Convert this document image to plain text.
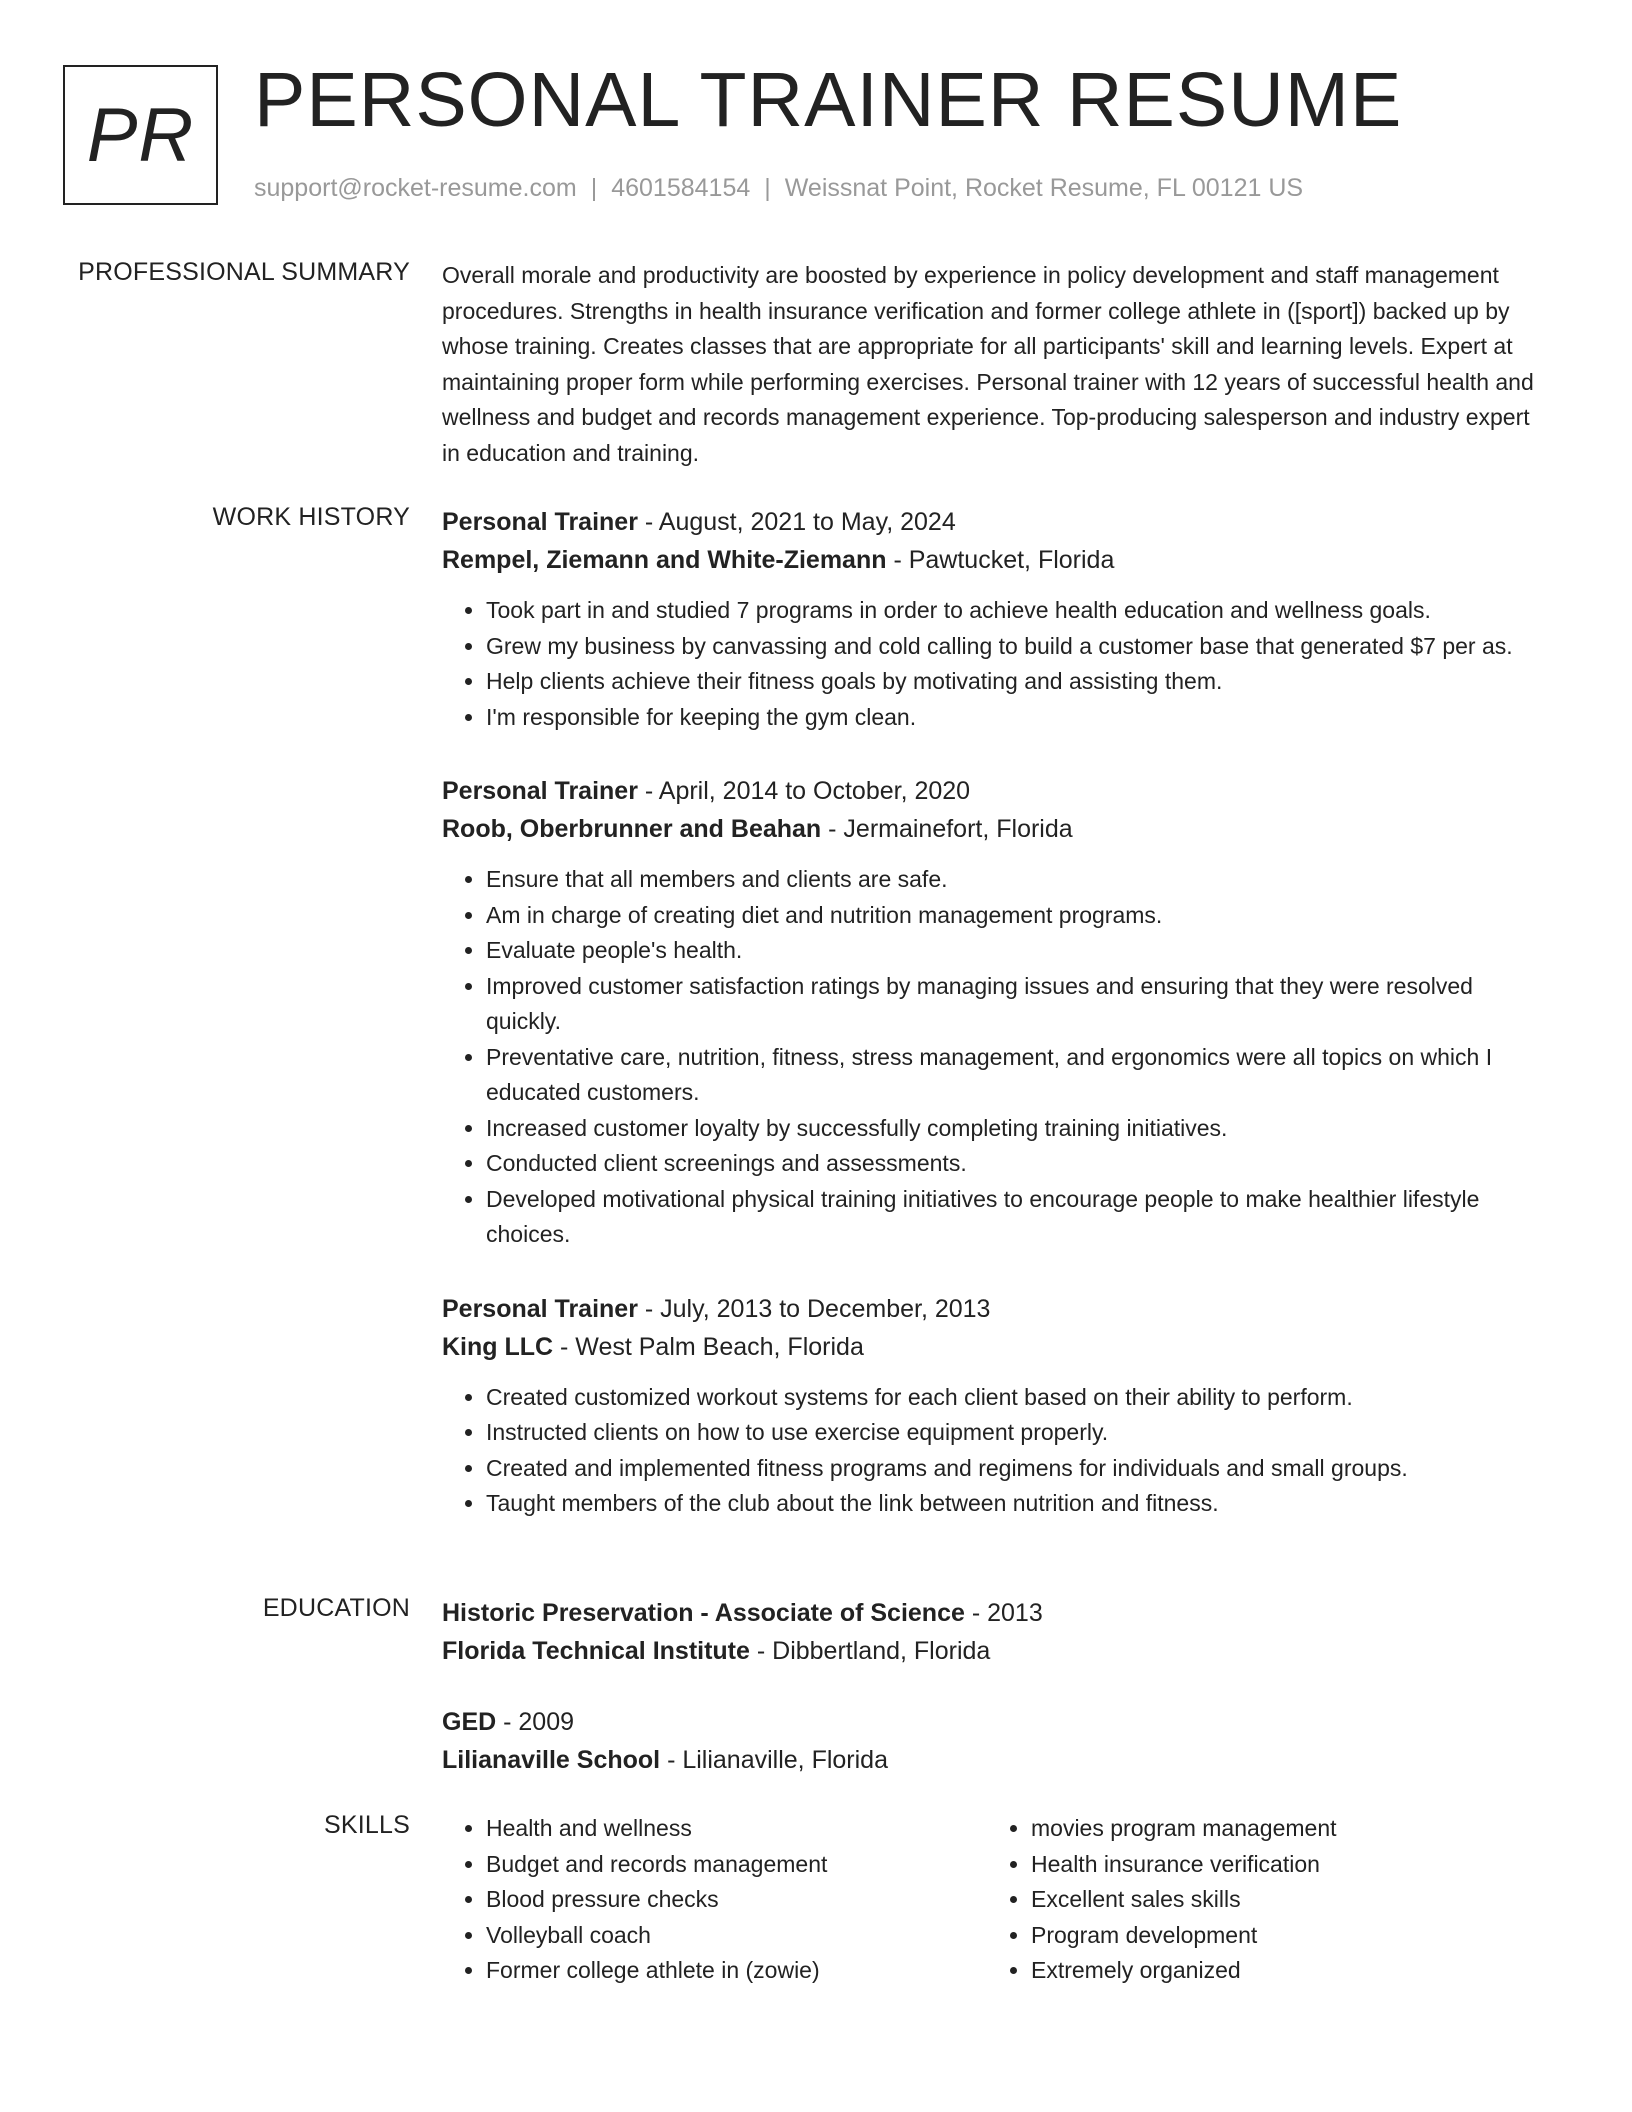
PR PERSONAL TRAINER RESUME
support@rocket-resume.com | 4601584154 | Weissnat Point, Rocket Resume, FL 00121 US
PROFESSIONAL SUMMARY Overall morale and productivity are boosted by experience in policy development and staff management procedures. Strengths in health insurance verification and former college athlete in ([sport]) backed up by whose training. Creates classes that are appropriate for all participants' skill and learning levels. Expert at maintaining proper form while performing exercises. Personal trainer with 12 years of successful health and wellness and budget and records management experience. Top-producing salesperson and industry expert in education and training.

WORK HISTORY Personal Trainer - August, 2021 to May, 2024
Rempel, Ziemann and White-Ziemann - Pawtucket, Florida
• Took part in and studied 7 programs in order to achieve health education and wellness goals.
• Grew my business by canvassing and cold calling to build a customer base that generated $7 per as.
• Help clients achieve their fitness goals by motivating and assisting them.
• I'm responsible for keeping the gym clean.
Personal Trainer - April, 2014 to October, 2020
Roob, Oberbrunner and Beahan - Jermainefort, Florida
• Ensure that all members and clients are safe.
• Am in charge of creating diet and nutrition management programs.
• Evaluate people's health.
• Improved customer satisfaction ratings by managing issues and ensuring that they were resolved quickly.
• Preventative care, nutrition, fitness, stress management, and ergonomics were all topics on which I educated customers.
• Increased customer loyalty by successfully completing training initiatives.
• Conducted client screenings and assessments.
• Developed motivational physical training initiatives to encourage people to make healthier lifestyle choices.
Personal Trainer - July, 2013 to December, 2013
King LLC - West Palm Beach, Florida
• Created customized workout systems for each client based on their ability to perform.
• Instructed clients on how to use exercise equipment properly.
• Created and implemented fitness programs and regimens for individuals and small groups.
• Taught members of the club about the link between nutrition and fitness.
EDUCATION Historic Preservation - Associate of Science - 2013
Florida Technical Institute - Dibbertland, Florida
GED - 2009
Lilianaville School - Lilianaville, Florida
SKILLS
•	Health and wellness
• Budget and records management
• Blood pressure checks
• Volleyball coach
• Former college athlete in (zowie)
• movies program management
• Health insurance verification
• Excellent sales skills
• Program development
• Extremely organized
